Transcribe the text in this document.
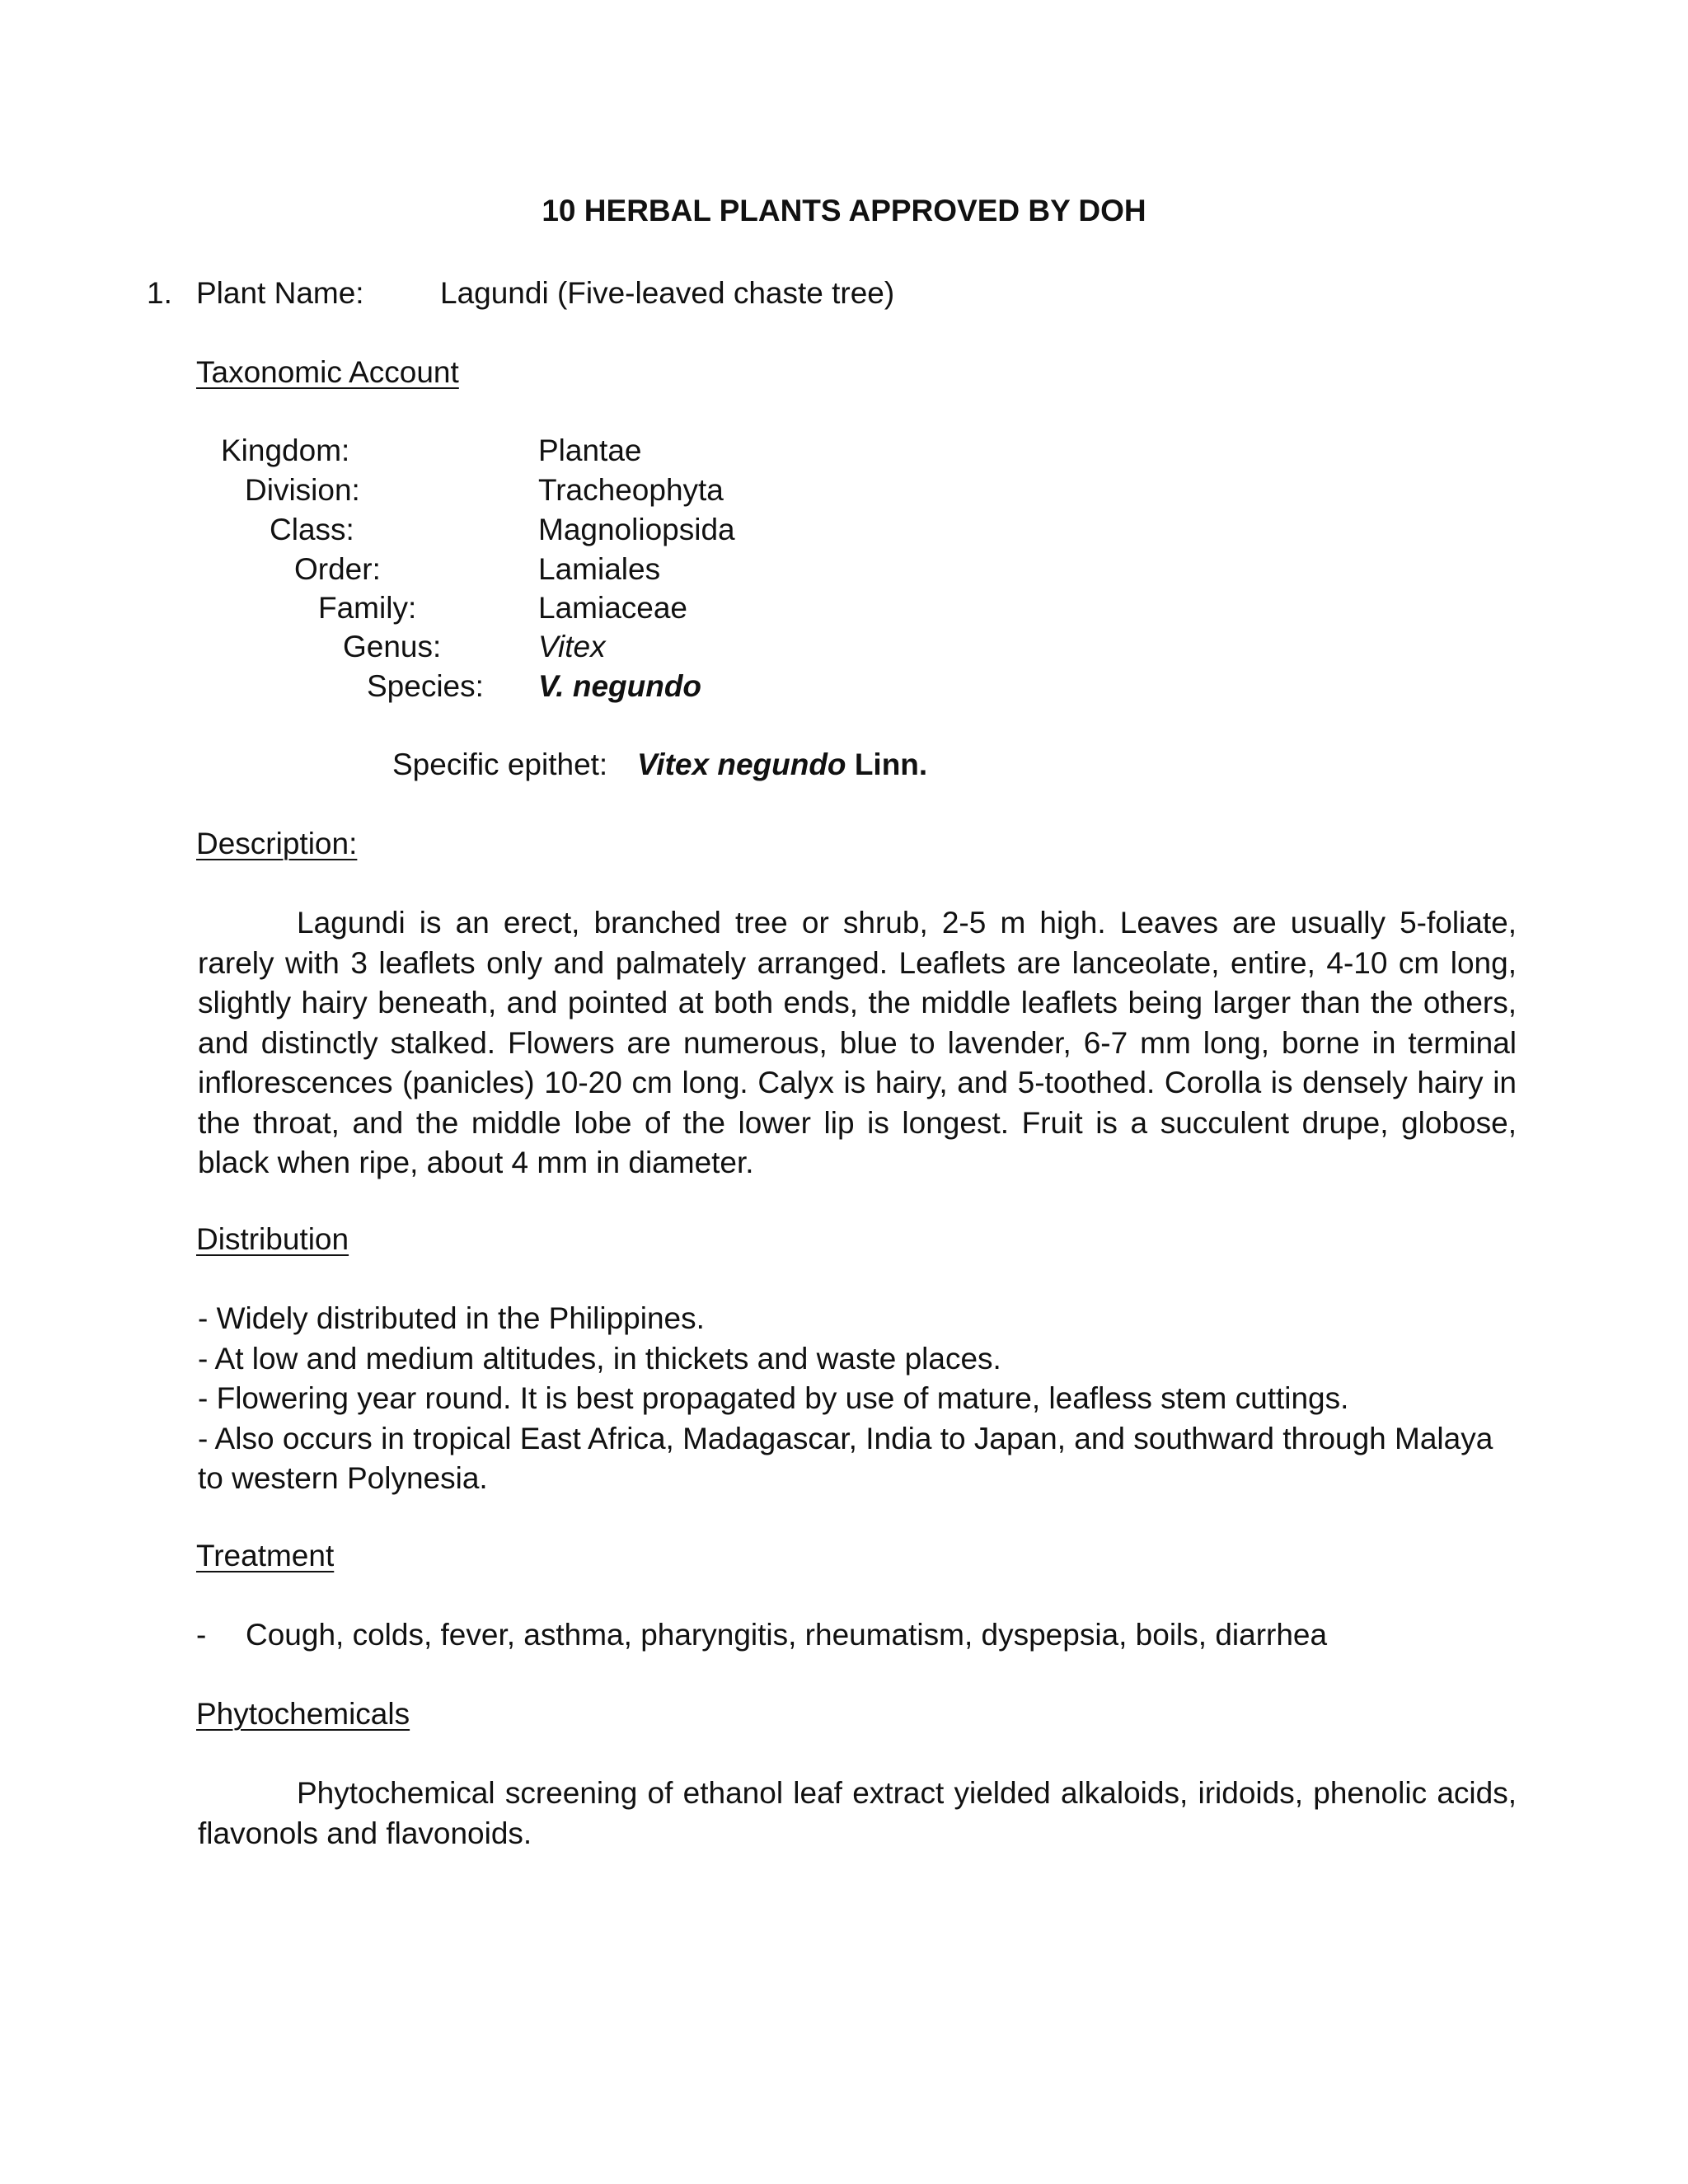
10 HERBAL PLANTS APPROVED BY DOH
1. Plant Name: Lagundi (Five-leaved chaste tree)
Taxonomic Account
Kingdom:	Plantae
Division:	Tracheophyta
Class:	Magnoliopsida
Order:	Lamiales
Family:	Lamiaceae
Genus:	Vitex
Species: V. negundo
Specific epithet: Vitex negundo Linn.
Description:
Lagundi is an erect, branched tree or shrub, 2-5 m high. Leaves are usually 5-foliate, rarely with 3 leaflets only and palmately arranged. Leaflets are lanceolate, entire, 4-10 cm long, slightly hairy beneath, and pointed at both ends, the middle leaflets being larger than the others, and distinctly stalked. Flowers are numerous, blue to lavender, 6-7 mm long, borne in terminal inflorescences (panicles) 10-20 cm long. Calyx is hairy, and 5-toothed. Corolla is densely hairy in the throat, and the middle lobe of the lower lip is longest. Fruit is a succulent drupe, globose, black when ripe, about 4 mm in diameter.
Distribution
- Widely distributed in the Philippines.
- At low and medium altitudes, in thickets and waste places.
- Flowering year round. It is best propagated by use of mature, leafless stem cuttings.
- Also occurs in tropical East Africa, Madagascar, India to Japan, and southward through Malaya to western Polynesia.
Treatment
- Cough, colds, fever, asthma, pharyngitis, rheumatism, dyspepsia, boils, diarrhea
Phytochemicals
Phytochemical screening of ethanol leaf extract yielded alkaloids, iridoids, phenolic acids, flavonols and flavonoids.
